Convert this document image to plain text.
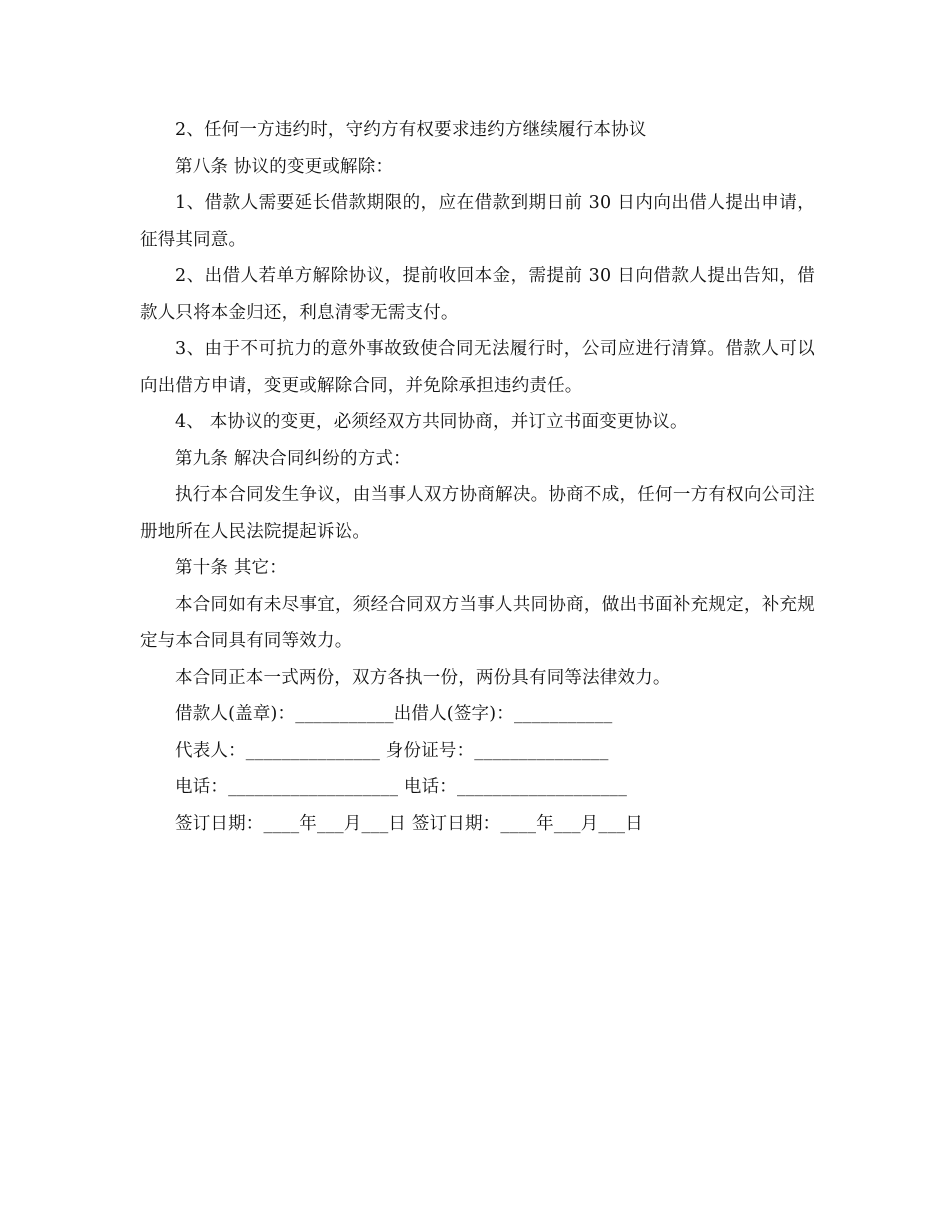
2、任何一方违约时，守约方有权要求违约方继续履行本协议

第八条 协议的变更或解除：

1、借款人需要延长借款期限的，应在借款到期日前 30 日内向出借人提出申请，征得其同意。

2、出借人若单方解除协议，提前收回本金，需提前 30 日向借款人提出告知，借款人只将本金归还，利息清零无需支付。

3、由于不可抗力的意外事故致使合同无法履行时，公司应进行清算。借款人可以向出借方申请，变更或解除合同，并免除承担违约责任。

4、 本协议的变更，必须经双方共同协商，并订立书面变更协议。

第九条 解决合同纠纷的方式：

执行本合同发生争议，由当事人双方协商解决。协商不成，任何一方有权向公司注册地所在人民法院提起诉讼。

第十条 其它：

本合同如有未尽事宜，须经合同双方当事人共同协商，做出书面补充规定，补充规定与本合同具有同等效力。

本合同正本一式两份，双方各执一份，两份具有同等法律效力。

借款人(盖章)：___________出借人(签字)：___________

代表人：_______________ 身份证号：_______________

电话：___________________ 电话：___________________

签订日期：____年___月___日 签订日期：____年___月___日
